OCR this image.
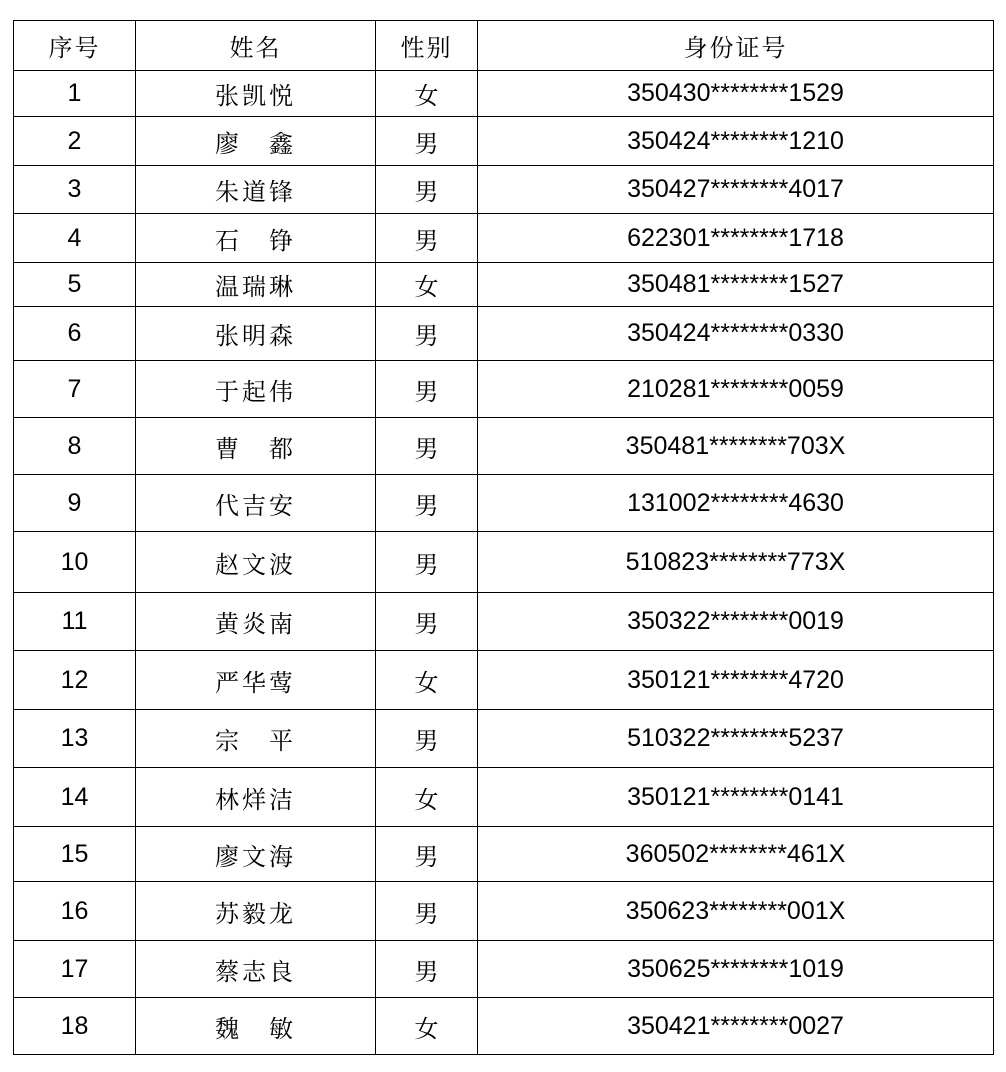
序号	姓名	性别	身份证号
1	张凯悦	女	350430********1529
2	廖　鑫	男	350424********1210
3	朱道锋	男	350427********4017
4	石　铮	男	622301********1718
5	温瑞琳	女	350481********1527
6	张明森	男	350424********0330
7	于起伟	男	210281********0059
8	曹　都	男	350481********703X
9	代吉安	男	131002********4630
10	赵文波	男	510823********773X
11	黄炎南	男	350322********0019
12	严华莺	女	350121********4720
13	宗　平	男	510322********5237
14	林烊洁	女	350121********0141
15	廖文海	男	360502********461X
16	苏毅龙	男	350623********001X
17	蔡志良	男	350625********1019
18	魏　敏	女	350421********0027
